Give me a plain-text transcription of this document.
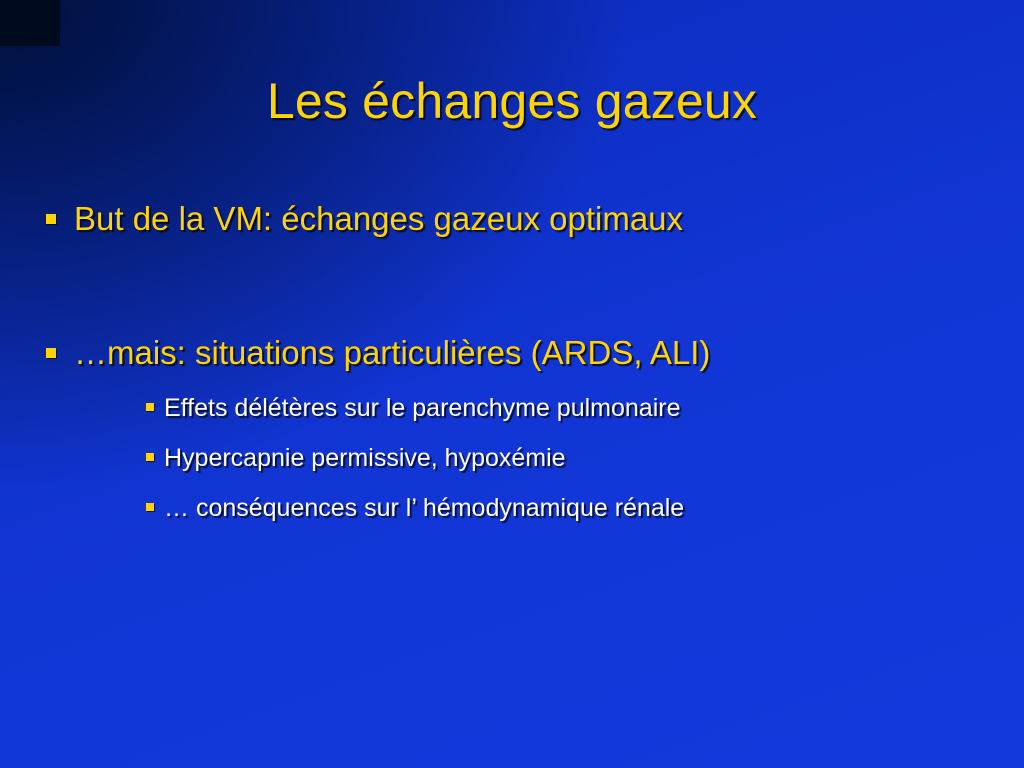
Les échanges gazeux
But de la VM: échanges gazeux optimaux
…mais: situations particulières (ARDS, ALI)
Effets délétères sur le parenchyme pulmonaire
Hypercapnie permissive, hypoxémie
… conséquences sur l’ hémodynamique rénale
